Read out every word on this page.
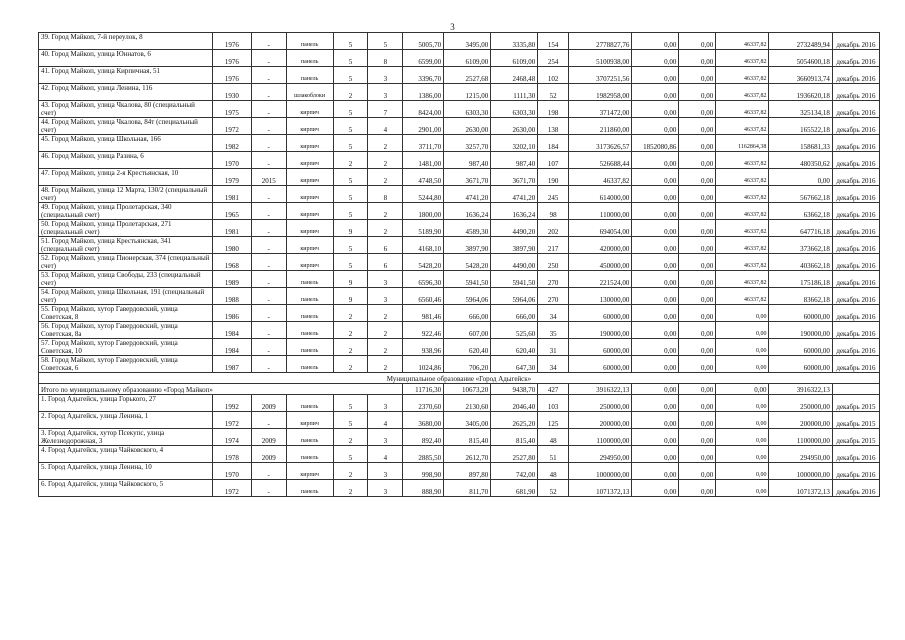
3
39. Город Майкоп, 7-й переулок, 8	1976	-	панель	5	5	5005,70	3495,00	3335,80	154	2778827,76	0,00	0,00	46337,82	2732489,94	декабрь 2016
40. Город Майкоп, улица Юннатов, 6	1976	-	панель	5	8	6599,00	6109,00	6109,00	254	5100938,00	0,00	0,00	46337,82	5054600,18	декабрь 2016
41. Город Майкоп, улица Кирпичная, 51	1976	-	панель	5	3	3396,70	2527,68	2468,48	102	3707251,56	0,00	0,00	46337,82	3660913,74	декабрь 2016
42. Город Майкоп, улица Ленина, 116	1930	-	шлакоблоки	2	3	1386,00	1215,00	1111,30	52	1982958,00	0,00	0,00	46337,82	1936620,18	декабрь 2016
43. Город Майкоп, улица Чкалова, 80 (специальный счет)	1975	-	кирпич	5	7	8424,00	6303,30	6303,30	198	371472,00	0,00	0,00	46337,82	325134,18	декабрь 2016
44. Город Майкоп, улица Чкалова, 84т (специальный счет)	1972	-	кирпич	5	4	2901,00	2630,00	2630,00	138	211860,00	0,00	0,00	46337,82	165522,18	декабрь 2016
45. Город Майкоп, улица Школьная, 166	1982	-	кирпич	5	2	3711,70	3257,70	3202,10	184	3173626,57	1852080,86	0,00	1162864,38	158681,33	декабрь 2016
46. Город Майкоп, улица Разина, 6	1970	-	кирпич	2	2	1481,00	987,40	987,40	107	526688,44	0,00	0,00	46337,82	480350,62	декабрь 2016
47. Город Майкоп, улица 2-я Крестьянская, 10	1979	2015	кирпич	5	2	4748,50	3671,70	3671,70	190	46337,82	0,00	0,00	46337,82	0,00	декабрь 2016
48. Город Майкоп, улица 12 Марта, 130/2 (специальный счет)	1981	-	кирпич	5	8	5244,80	4741,20	4741,20	245	614000,00	0,00	0,00	46337,82	567662,18	декабрь 2016
49. Город Майкоп, улица Пролетарская, 340 (специальный счет)	1965	-	кирпич	5	2	1800,00	1636,24	1636,24	98	110000,00	0,00	0,00	46337,82	63662,18	декабрь 2016
50. Город Майкоп, улица Пролетарская, 271 (специальный счет)	1981	-	кирпич	9	2	5189,90	4589,30	4490,20	202	694054,00	0,00	0,00	46337,82	647716,18	декабрь 2016
51. Город Майкоп, улица Крестьянская, 341 (специальный счет)	1980	-	кирпич	5	6	4168,10	3897,90	3897,90	217	420000,00	0,00	0,00	46337,82	373662,18	декабрь 2016
52. Город Майкоп, улица Пионерская, 374 (специальный счет)	1968	-	кирпич	5	6	5428,20	5428,20	4490,00	250	450000,00	0,00	0,00	46337,82	403662,18	декабрь 2016
53. Город Майкоп, улица Свободы, 233 (специальный счет)	1989	-	панель	9	3	6596,30	5941,50	5941,50	270	221524,00	0,00	0,00	46337,82	175186,18	декабрь 2016
54. Город Майкоп, улица Школьная, 191 (специальный счет)	1988	-	панель	9	3	6560,46	5964,06	5964,06	270	130000,00	0,00	0,00	46337,82	83662,18	декабрь 2016
55. Город Майкоп, хутор Гавердовский, улица Советская, 8	1986	-	панель	2	2	981,46	666,00	666,00	34	60000,00	0,00	0,00	0,00	60000,00	декабрь 2016
56. Город Майкоп, хутор Гавердовский, улица Советская, 8а	1984	-	панель	2	2	922,46	607,00	525,60	35	190000,00	0,00	0,00	0,00	190000,00	декабрь 2016
57. Город Майкоп, хутор Гавердовский, улица Советская, 10	1984	-	панель	2	2	938,96	620,40	620,40	31	60000,00	0,00	0,00	0,00	60000,00	декабрь 2016
58. Город Майкоп, хутор Гавердовский, улица Советская, 6	1987	-	панель	2	2	1024,86	706,20	647,30	34	60000,00	0,00	0,00	0,00	60000,00	декабрь 2016
Муниципальное образование «Город Адыгейск»															
Итого по муниципальному образованию «Город Майкоп»						11716,30	10673,20	9438,70	427	3916322,13	0,00	0,00	0,00	3916322,13	
1. Город Адыгейск, улица Горького, 27	1992	2009	панель	5	3	2370,60	2130,60	2046,40	103	250000,00	0,00	0,00	0,00	250000,00	декабрь 2015
2. Город Адыгейск, улица Ленина, 1	1972	-	кирпич	5	4	3680,00	3405,00	2625,20	125	200000,00	0,00	0,00	0,00	200000,00	декабрь 2015
3. Город Адыгейск, хутор Псекупс, улица Железнодорожная, 3	1974	2009	панель	2	3	892,40	815,40	815,40	48	1100000,00	0,00	0,00	0,00	1100000,00	декабрь 2015
4. Город Адыгейск, улица Чайковского, 4	1978	2009	панель	5	4	2885,50	2612,70	2527,80	51	294950,00	0,00	0,00	0,00	294950,00	декабрь 2016
5. Город Адыгейск, улица Ленина, 10	1970	-	кирпич	2	3	998,90	897,80	742,00	48	1000000,00	0,00	0,00	0,00	1000000,00	декабрь 2016
6. Город Адыгейск, улица Чайковского, 5	1972	-	панель	2	3	888,90	811,70	681,90	52	1071372,13	0,00	0,00	0,00	1071372,13	декабрь 2016
